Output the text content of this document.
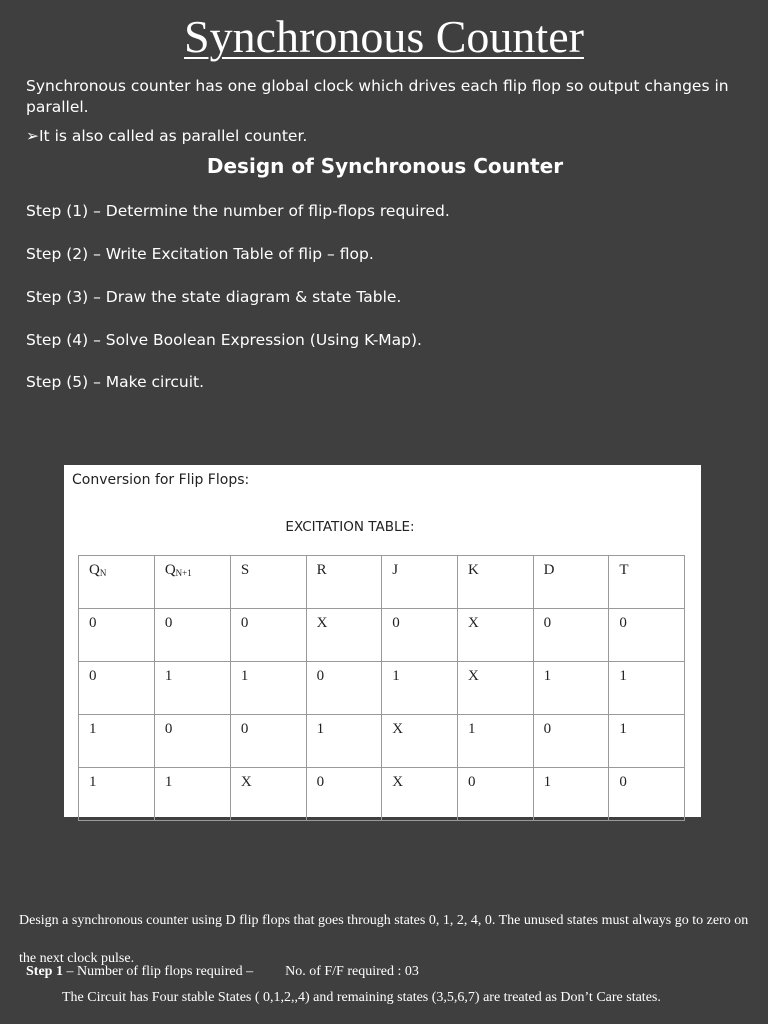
Synchronous Counter
Synchronous counter has one global clock which drives each flip flop so output changes in parallel.
➢It is also called as parallel counter.
Design of Synchronous Counter
Step (1) – Determine the number of flip-flops required.
Step (2) – Write Excitation Table of flip – flop.
Step (3) – Draw the state diagram & state Table.
Step (4) – Solve Boolean Expression (Using K-Map).
Step (5) – Make circuit.
Conversion for Flip Flops:
EXCITATION TABLE:
QN	QN+1	S	R	J	K	D	T
0	0	0	X	0	X	0	0
0	1	1	0	1	X	1	1
1	0	0	1	X	1	0	1
1	1	X	0	X	0	1	0
Design a synchronous counter using D flip flops that goes through states 0, 1, 2, 4, 0. The unused states must always go to zero on the next clock pulse.
Step 1 – Number of flip flops required – No. of F/F required : 03
The Circuit has Four stable States ( 0,1,2,,4) and remaining states (3,5,6,7) are treated as Don’t Care states.
